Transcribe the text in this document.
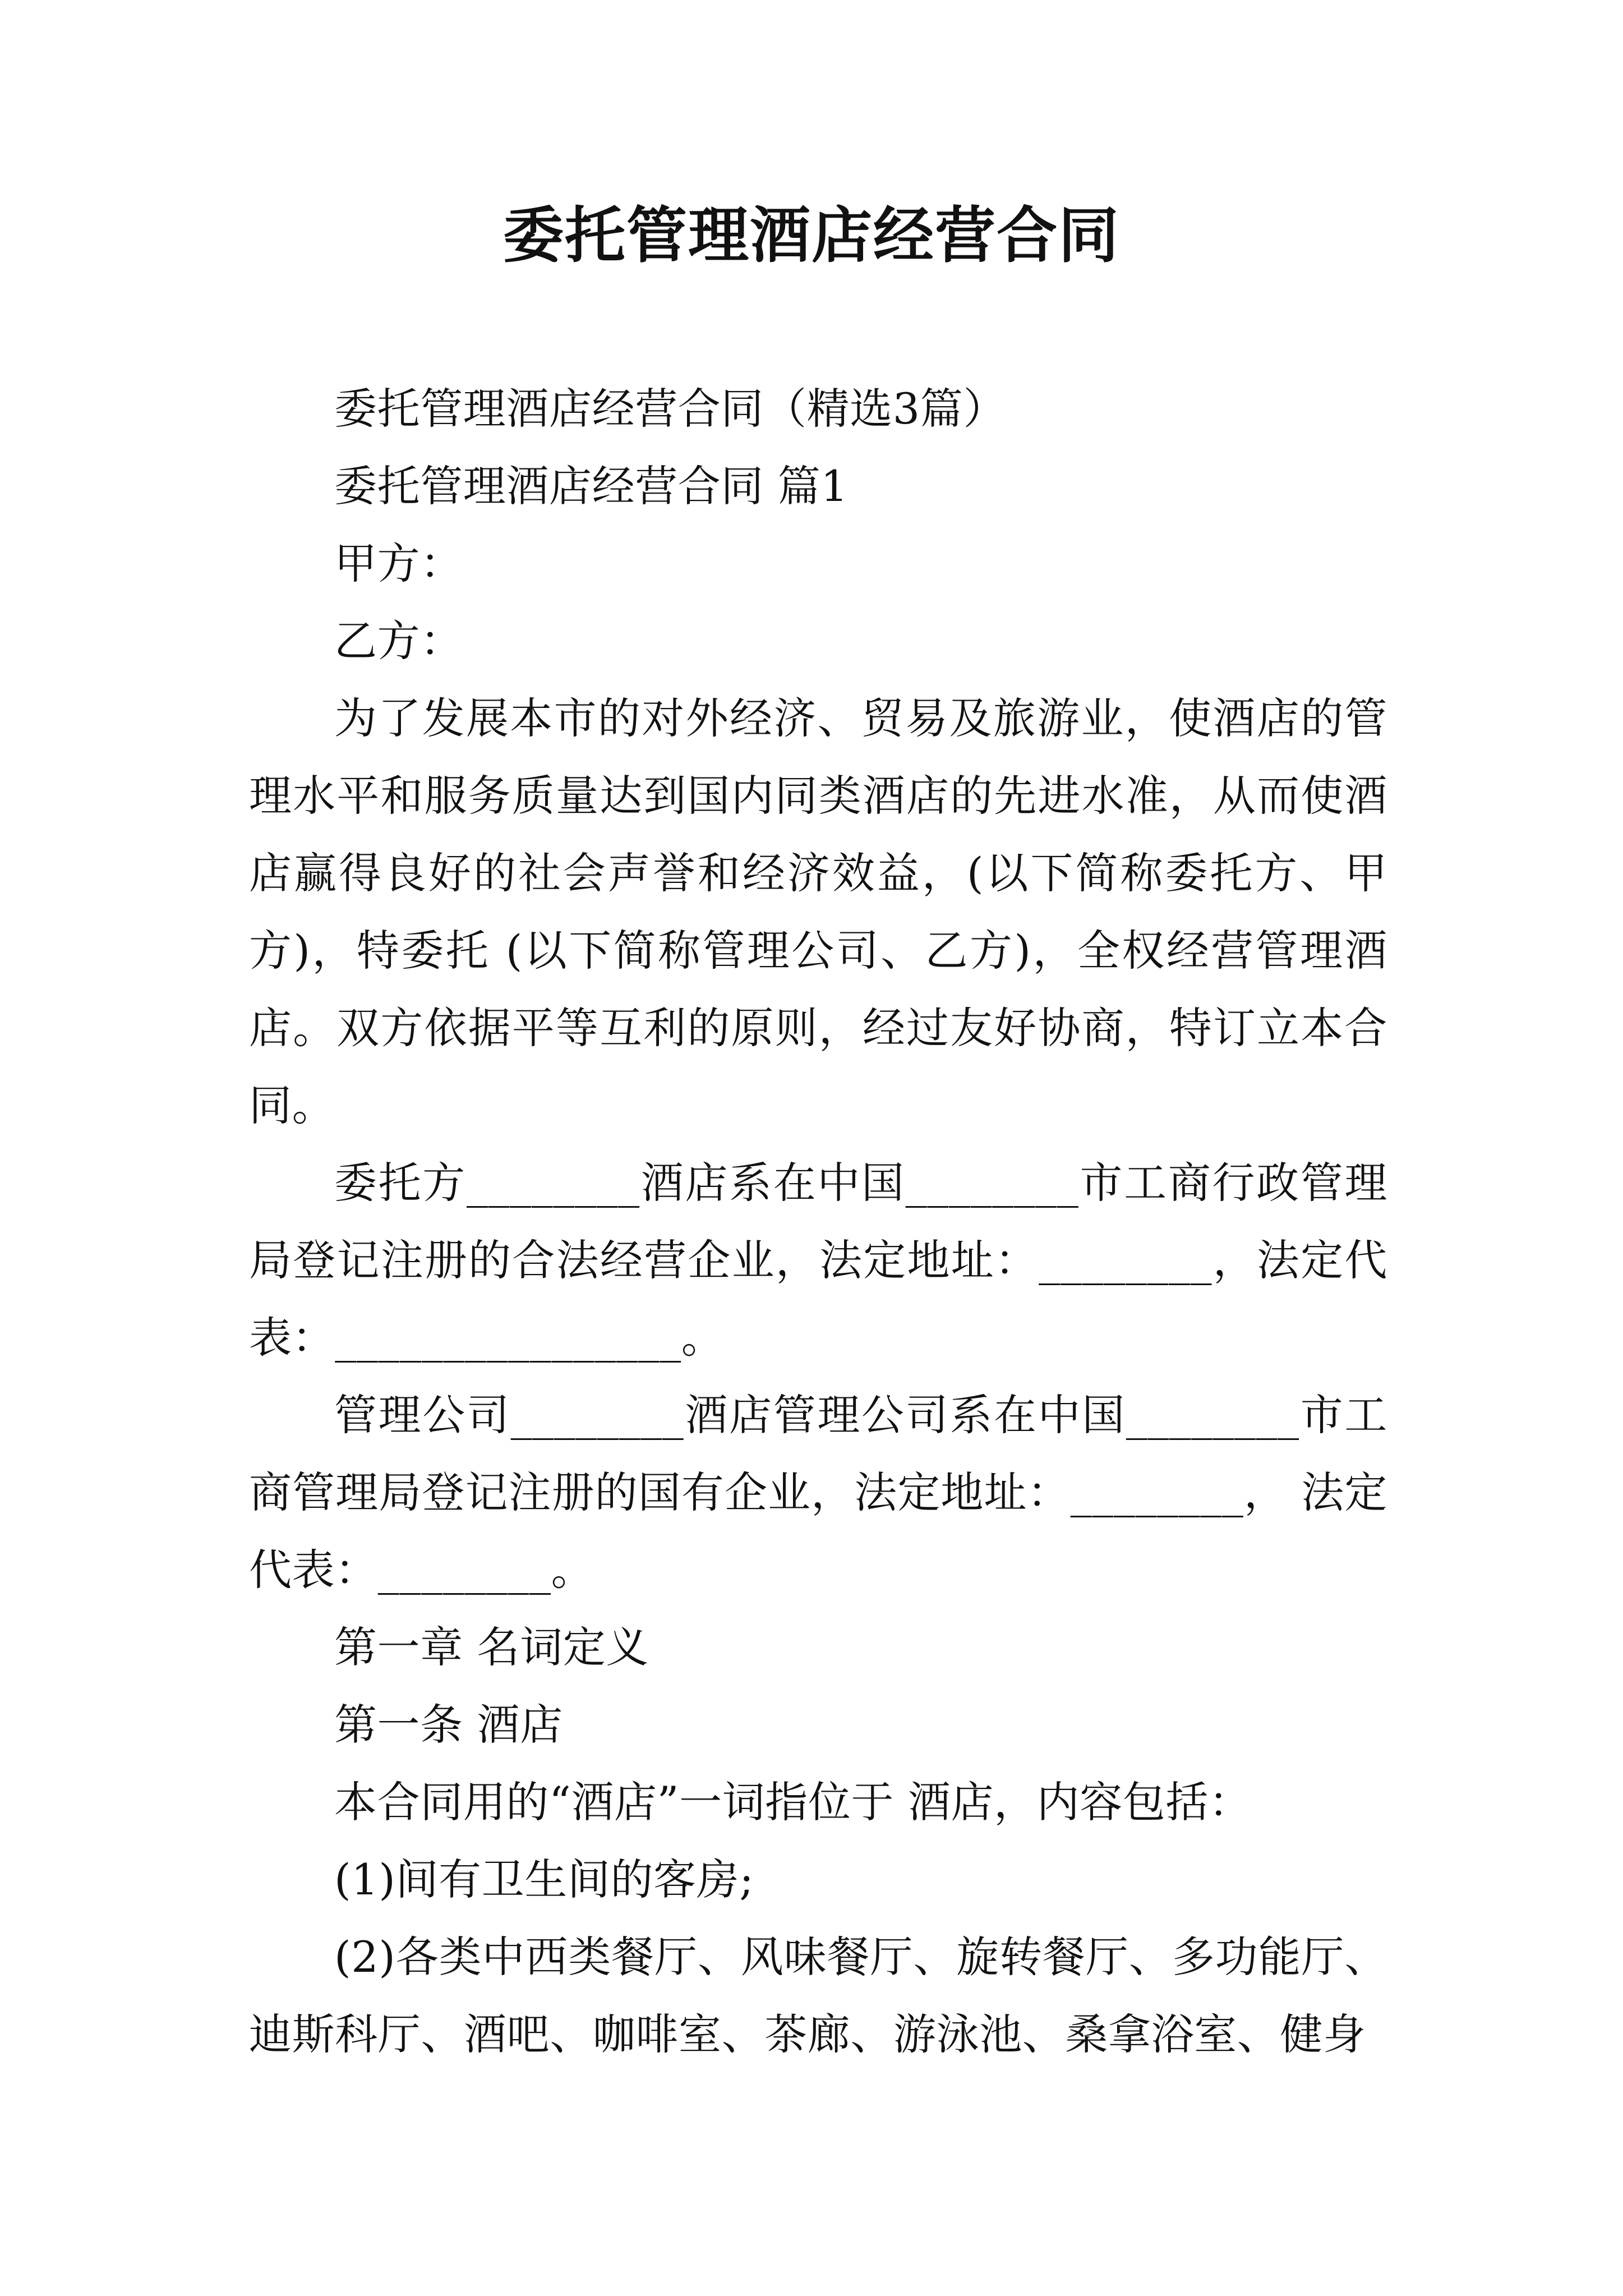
委托管理酒店经营合同

委托管理酒店经营合同（精选3篇）

委托管理酒店经营合同 篇1

甲方：

乙方：

为了发展本市的对外经济、贸易及旅游业，使酒店的管理水平和服务质量达到国内同类酒店的先进水准，从而使酒店赢得良好的社会声誉和经济效益，(以下简称委托方、甲方)，特委托 (以下简称管理公司、乙方)，全权经营管理酒店。双方依据平等互利的原则，经过友好协商，特订立本合同。

委托方________酒店系在中国________市工商行政管理局登记注册的合法经营企业，法定地址：________，法定代表：________________。

管理公司________酒店管理公司系在中国________市工商管理局登记注册的国有企业，法定地址：________， 法定代表：________。

第一章 名词定义

第一条 酒店

本合同用的“酒店”一词指位于 酒店，内容包括：

(1)间有卫生间的客房;

(2)各类中西类餐厅、风味餐厅、旋转餐厅、多功能厅、迪斯科厅、酒吧、咖啡室、茶廊、游泳池、桑拿浴室、健身
